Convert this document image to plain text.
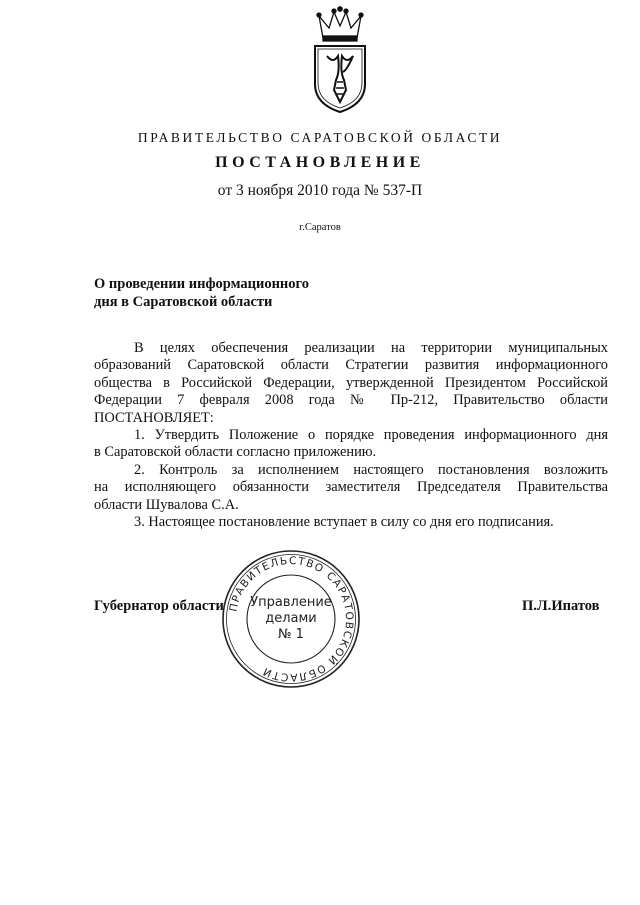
ПРАВИТЕЛЬСТВО САРАТОВСКОЙ ОБЛАСТИ
ПОСТАНОВЛЕНИЕ
от 3 ноября 2010 года № 537-П
г.Саратов
О проведении информационного
дня в Саратовской области
В целях обеспечения реализации на территории муниципальных
образований Саратовской области Стратегии развития информационного
общества в Российской Федерации, утвержденной Президентом Российской
Федерации 7 февраля 2008 года № Пр-212, Правительство области
ПОСТАНОВЛЯЕТ:
1. Утвердить Положение о порядке проведения информационного дня
в Саратовской области согласно приложению.
2. Контроль за исполнением настоящего постановления возложить
на исполняющего обязанности заместителя Председателя Правительства
области Шувалова С.А.
3. Настоящее постановление вступает в силу со дня его подписания.
Губернатор области	П.Л.Ипатов
ПРАВИТЕЛЬСТВО САРАТОВСКОЙ ОБЛАСТИ
Управление
делами
№ 1
